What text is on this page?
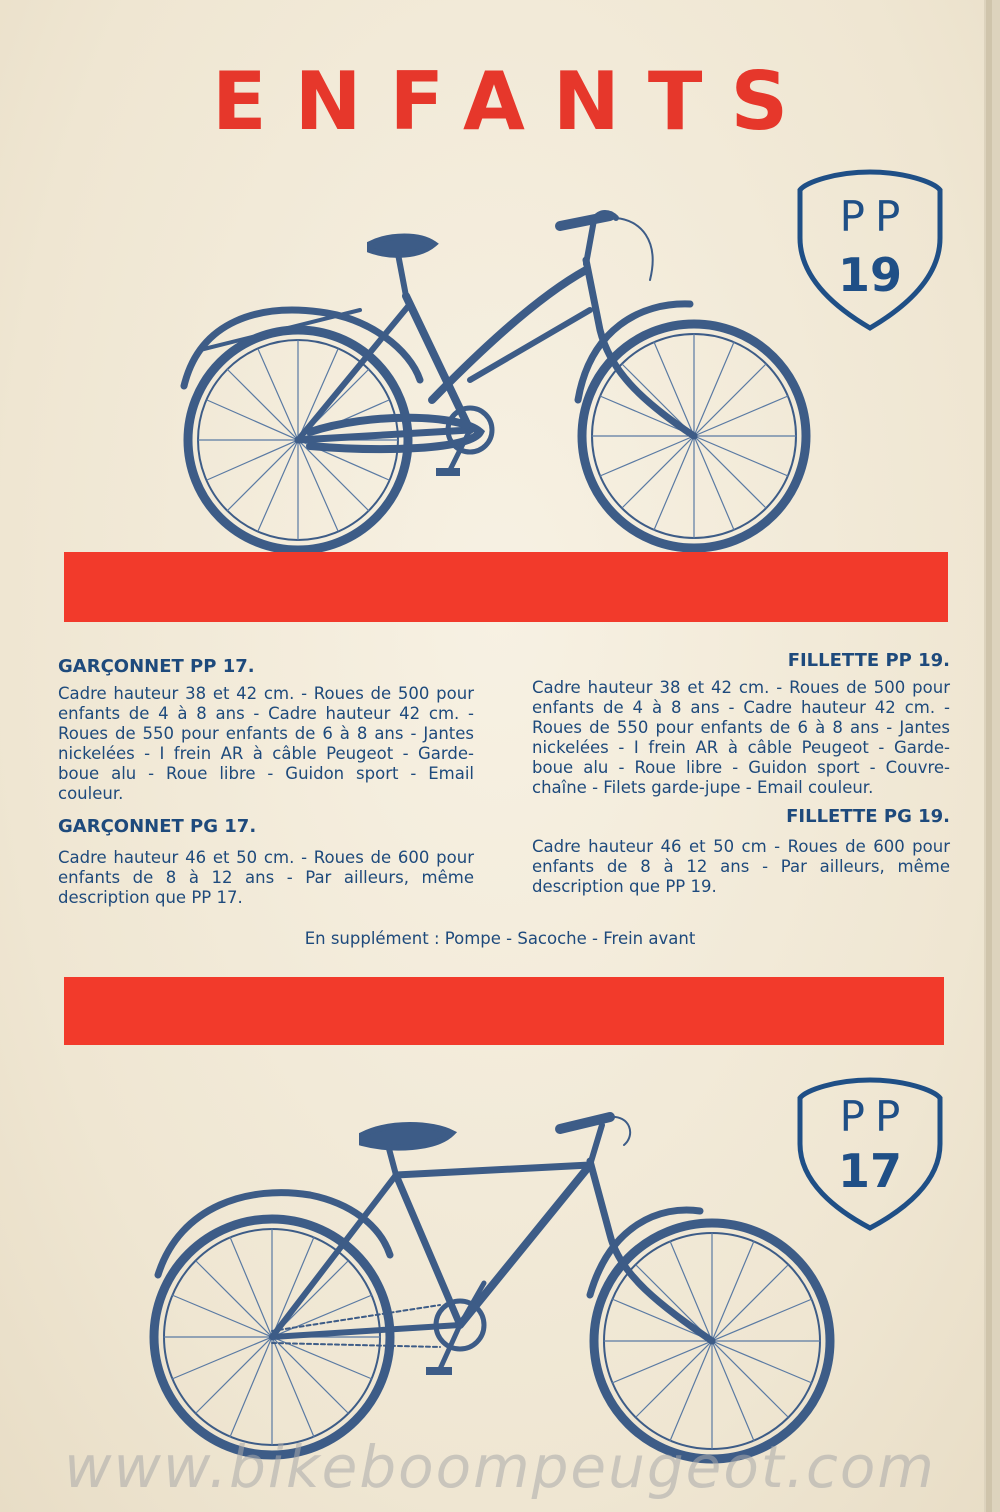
ENFANTS
PP
19

GARÇONNET PP 17.

Cadre hauteur 38 et 42 cm. - Roues de 500 pour enfants de 4 à 8 ans - Cadre hauteur 42 cm. - Roues de 550 pour enfants de 6 à 8 ans - Jantes nickelées - I frein AR à câble Peugeot - Garde-boue alu - Roue libre - Guidon sport - Email couleur.

GARÇONNET PG 17.

Cadre hauteur 46 et 50 cm. - Roues de 600 pour enfants de 8 à 12 ans - Par ailleurs, même description que PP 17.

FILLETTE PP 19.

Cadre hauteur 38 et 42 cm. - Roues de 500 pour enfants de 4 à 8 ans - Cadre hauteur 42 cm. - Roues de 550 pour enfants de 6 à 8 ans - Jantes nickelées - I frein AR à câble Peugeot - Garde-boue alu - Roue libre - Guidon sport - Couvre-chaîne - Filets garde-jupe - Email couleur.

FILLETTE PG 19.

Cadre hauteur 46 et 50 cm - Roues de 600 pour enfants de 8 à 12 ans - Par ailleurs, même description que PP 19.

En supplément : Pompe - Sacoche - Frein avant
PP
17
www.bikeboompeugeot.com
